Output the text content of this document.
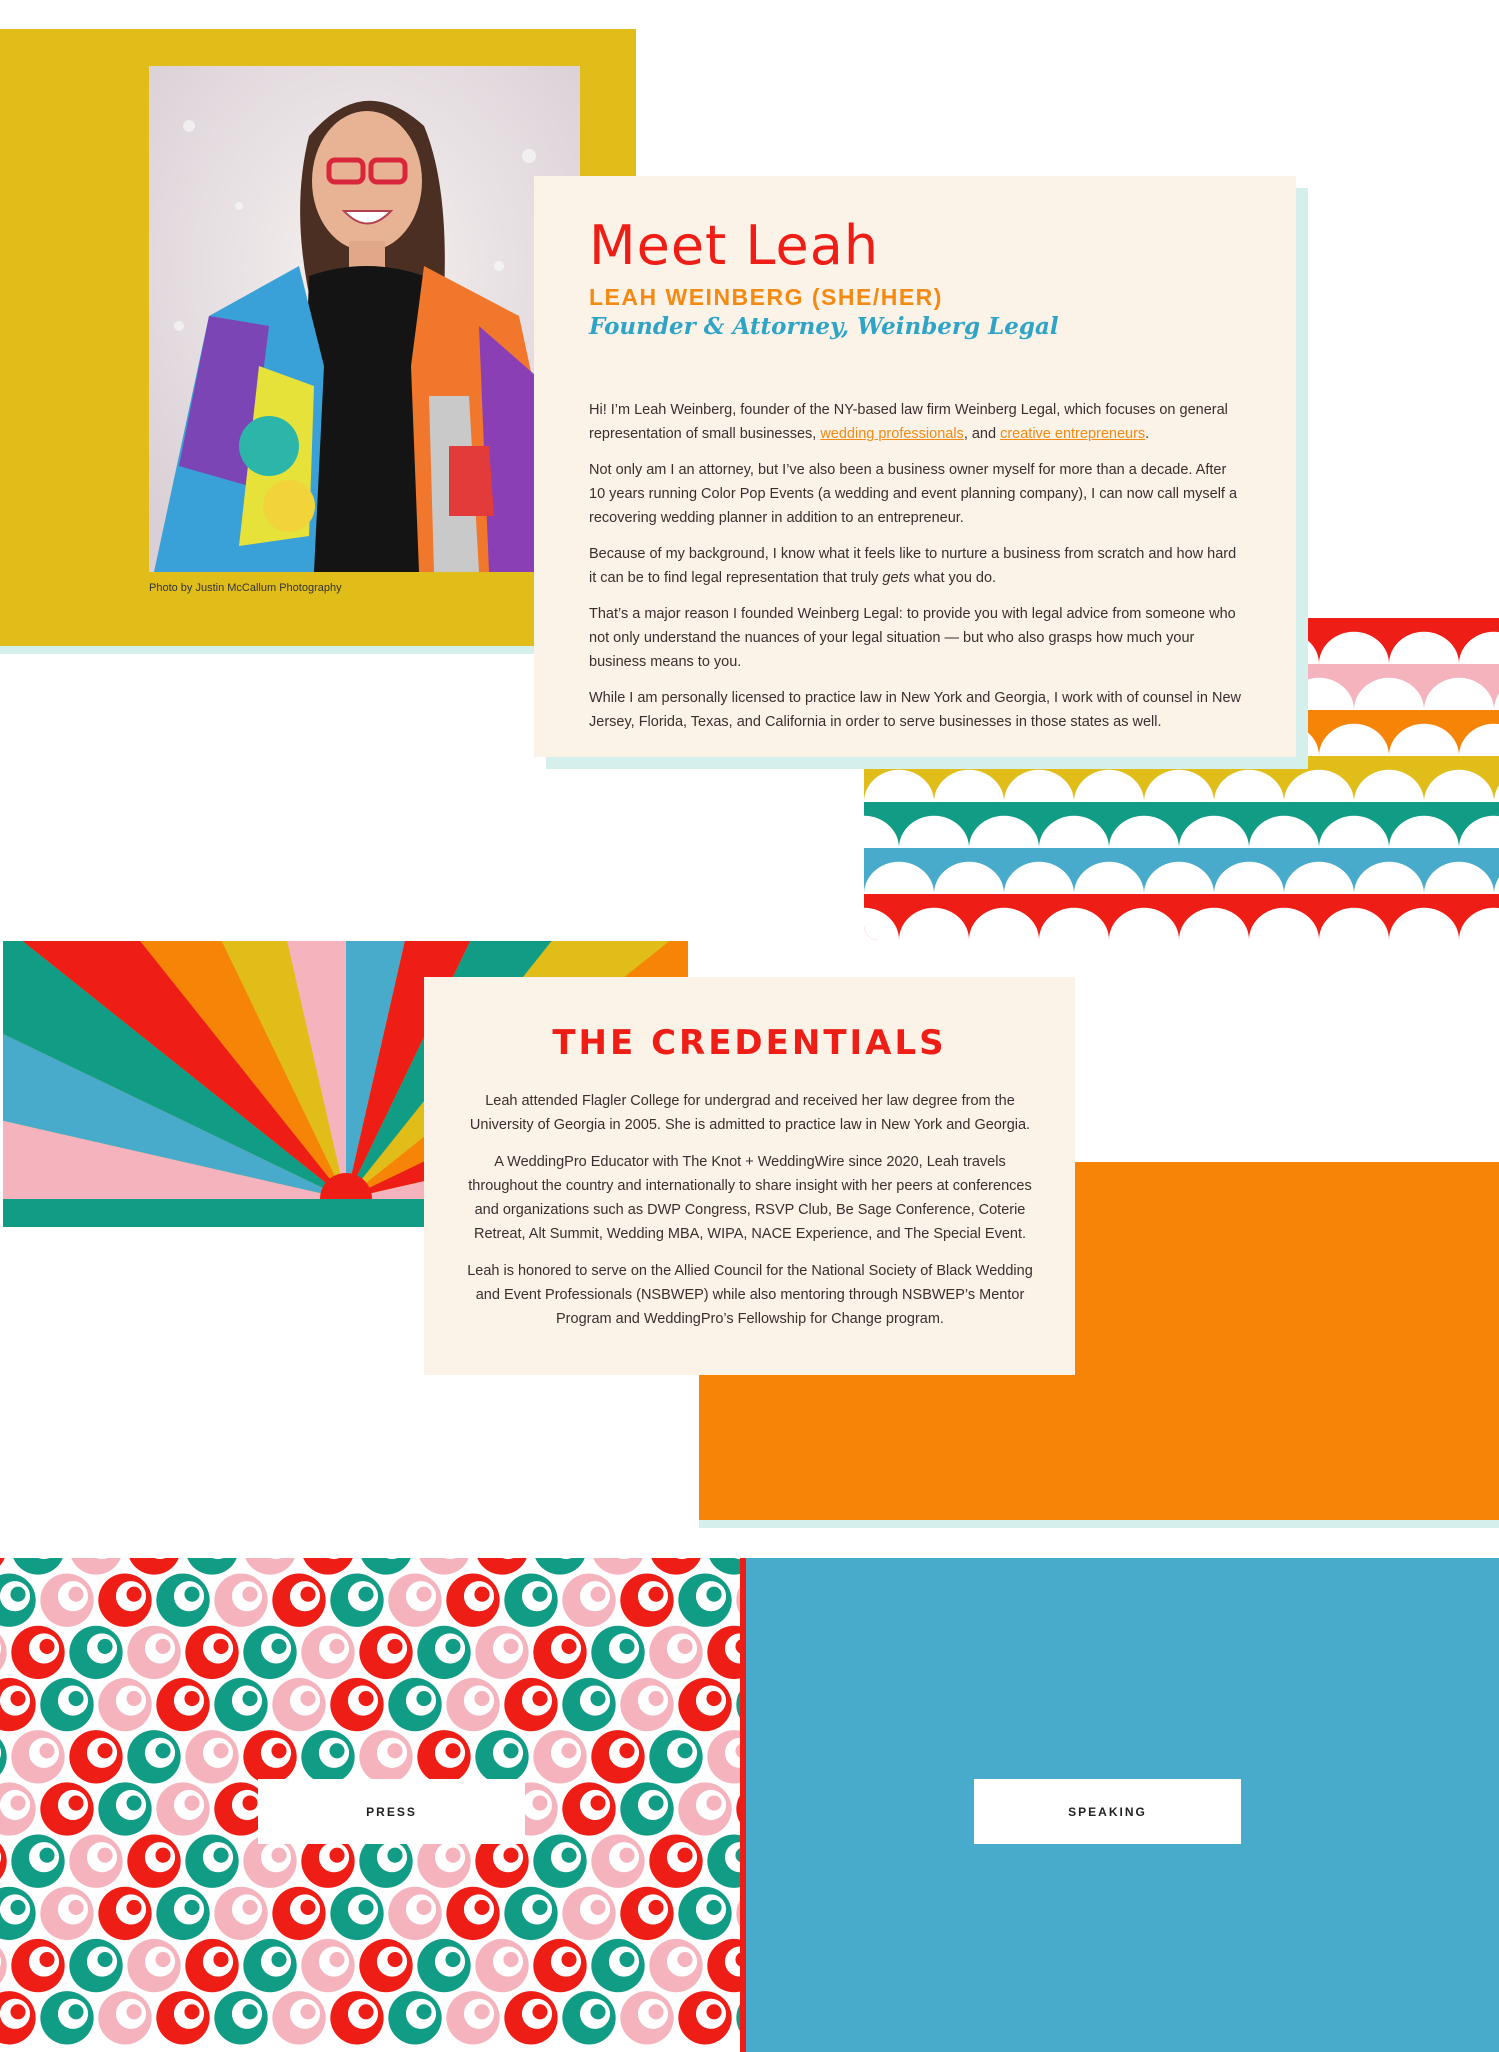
Photo by Justin McCallum Photography
Meet Leah
LEAH WEINBERG (SHE/HER)
Founder & Attorney, Weinberg Legal

Hi! I’m Leah Weinberg, founder of the NY-based law firm Weinberg Legal, which focuses on general representation of small businesses, wedding professionals, and creative entrepreneurs.

Not only am I an attorney, but I’ve also been a business owner myself for more than a decade. After 10 years running Color Pop Events (a wedding and event planning company), I can now call myself a recovering wedding planner in addition to an entrepreneur.

Because of my background, I know what it feels like to nurture a business from scratch and how hard it can be to find legal representation that truly gets what you do.

That’s a major reason I founded Weinberg Legal: to provide you with legal advice from someone who not only understand the nuances of your legal situation — but who also grasps how much your business means to you.

While I am personally licensed to practice law in New York and Georgia, I work with of counsel in New Jersey, Florida, Texas, and California in order to serve businesses in those states as well.

THE CREDENTIALS

Leah attended Flagler College for undergrad and received her law degree from the University of Georgia in 2005. She is admitted to practice law in New York and Georgia.

A WeddingPro Educator with The Knot + WeddingWire since 2020, Leah travels throughout the country and internationally to share insight with her peers at conferences and organizations such as DWP Congress, RSVP Club, Be Sage Conference, Coterie Retreat, Alt Summit, Wedding MBA, WIPA, NACE Experience, and The Special Event.

Leah is honored to serve on the Allied Council for the National Society of Black Wedding and Event Professionals (NSBWEP) while also mentoring through NSBWEP’s Mentor Program and WeddingPro’s Fellowship for Change program.

PRESS	SPEAKING
